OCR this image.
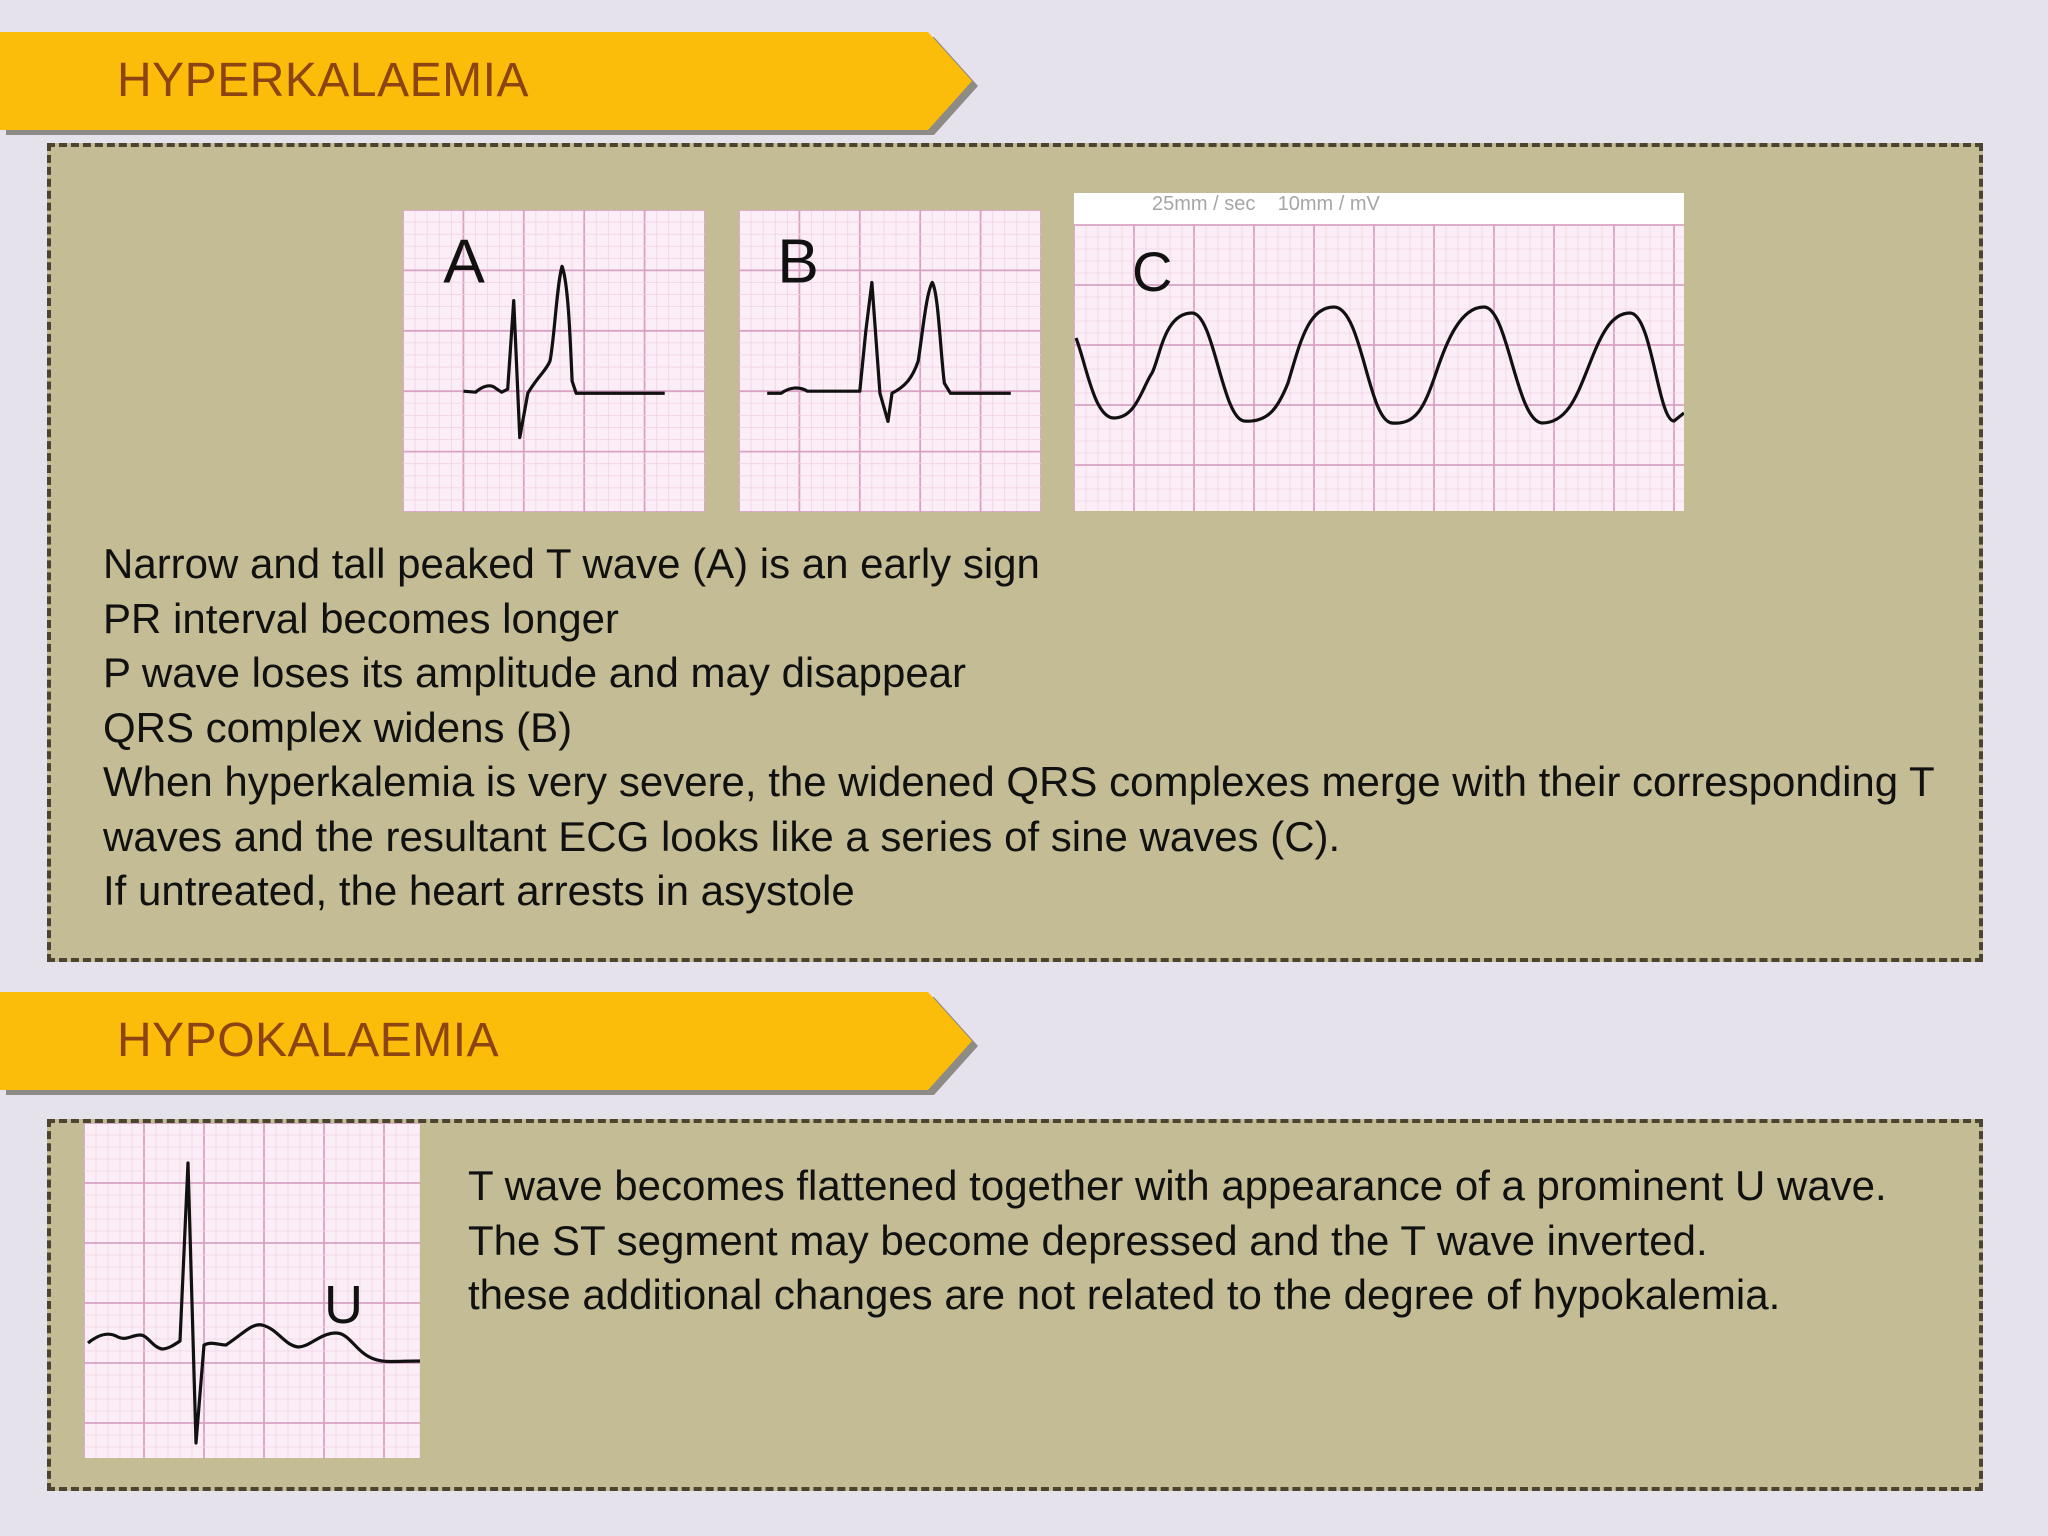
HYPERKALAEMIA
A	B
25mm / sec    10mm / mV
C
Narrow and tall peaked T wave (A) is an early sign
PR interval becomes longer
P wave loses its amplitude and may disappear
QRS complex widens (B)
When hyperkalemia is very severe, the widened QRS complexes merge with their corresponding T waves and the resultant ECG looks like a series of sine waves (C).
If untreated, the heart arrests in asystole
HYPOKALAEMIA
U
T wave becomes flattened together with appearance of a prominent U wave.
The ST segment may become depressed and the T wave inverted.
these additional changes are not related to the degree of hypokalemia.
